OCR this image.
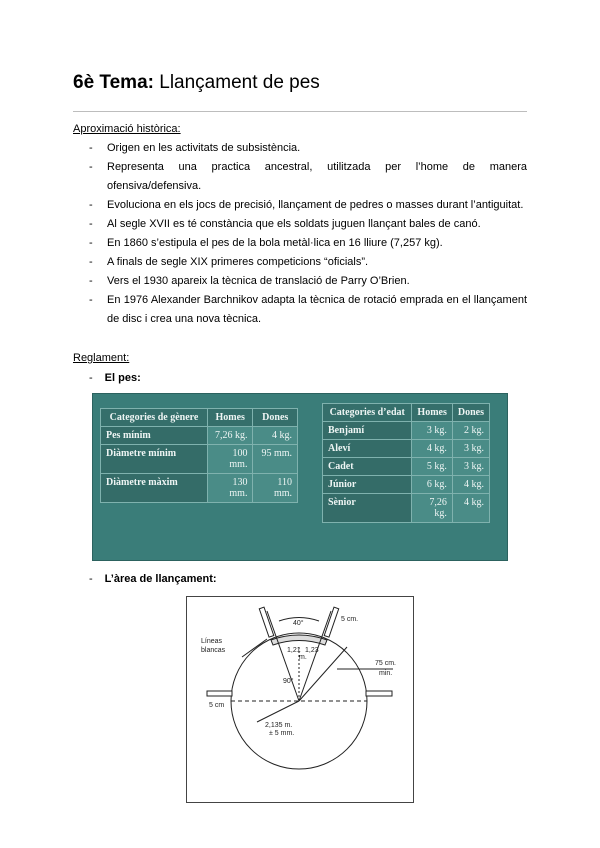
6è Tema: Llançament de pes
Aproximació històrica:
- Origen en les activitats de subsistència.
- Representa una practica ancestral, utilitzada per l’home de manera ofensiva/defensiva.
- Evoluciona en els jocs de precisió, llançament de pedres o masses durant l’antiguitat.
- Al segle XVII es té constància que els soldats juguen llançant bales de canó.
- En 1860 s’estipula el pes de la bola metàl·lica en 16 lliure (7,257 kg).
- A finals de segle XIX primeres competicions “oficials”.
- Vers el 1930 apareix la tècnica de translació de Parry O’Brien.
- En 1976 Alexander Barchnikov adapta la tècnica de rotació emprada en el llançament de disc i crea una nova tècnica.
Reglament:
- El pes:
Categories de gènere	Homes	Dones
Pes mínim	7,26 kg.	4 kg.
Diàmetre mínim	100 mm.	95 mm.
Diàmetre màxim	130 mm.	110 mm.
Categories d’edat	Homes	Dones
Benjamí	3 kg.	2 kg.
Aleví	4 kg.	3 kg.
Cadet	5 kg.	3 kg.
Júnior	6 kg.	4 kg.
Sènior	7,26 kg.	4 kg.
- L’àrea de llançament:
Líneas
blancas
40°
5 cm.
1,21 1,23
m.
75 cm.
min.
90°
2,135 m.
± 5 mm.
5 cm
